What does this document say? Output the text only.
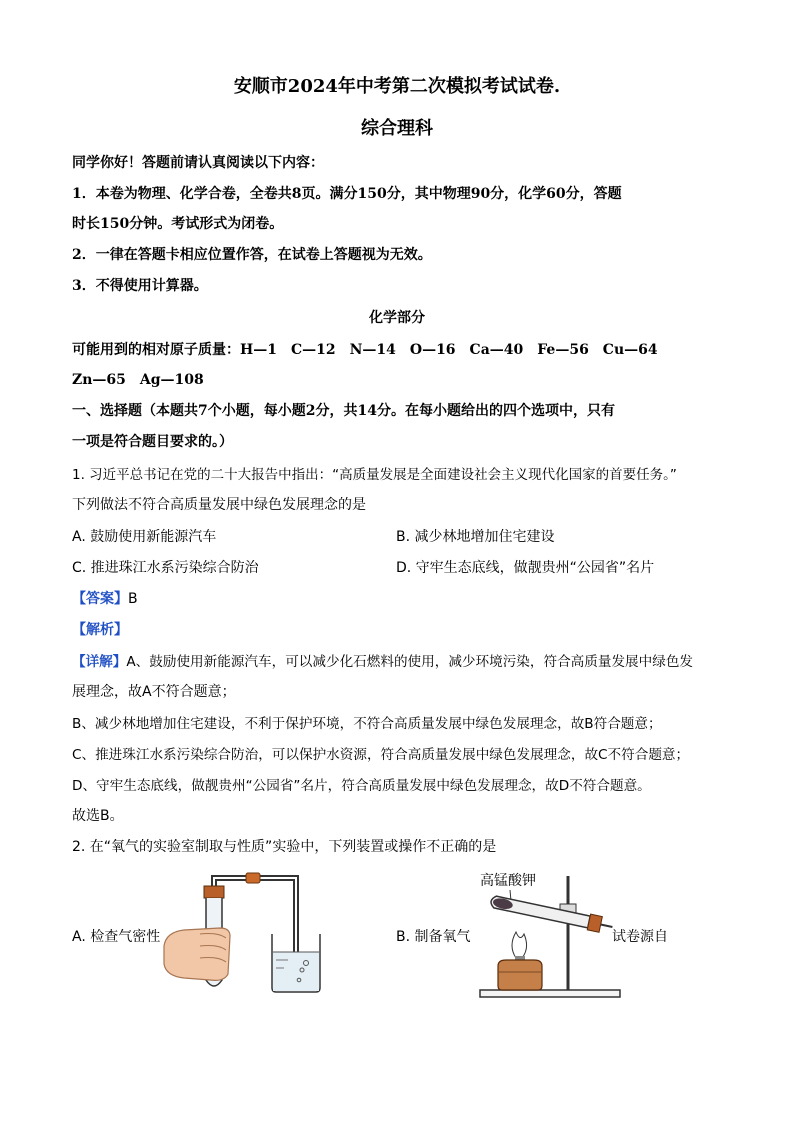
安顺市2024年中考第二次模拟考试试卷.
综合理科
同学你好！答题前请认真阅读以下内容：
1．本卷为物理、化学合卷，全卷共8页。满分150分，其中物理90分，化学60分，答题
时长150分钟。考试形式为闭卷。
2．一律在答题卡相应位置作答，在试卷上答题视为无效。
3．不得使用计算器。
化学部分
可能用到的相对原子质量：H—1　C—12　N—14　O—16　Ca—40　Fe—56　Cu—64
Zn—65　Ag—108
一、选择题（本题共7个小题，每小题2分，共14分。在每小题给出的四个选项中，只有
一项是符合题目要求的。）
1. 习近平总书记在党的二十大报告中指出：“高质量发展是全面建设社会主义现代化国家的首要任务。”
下列做法不符合高质量发展中绿色发展理念的是
A. 鼓励使用新能源汽车	B. 减少林地增加住宅建设
C. 推进珠江水系污染综合防治	D. 守牢生态底线，做靓贵州“公园省”名片
【答案】B
【解析】
【详解】A、鼓励使用新能源汽车，可以减少化石燃料的使用，减少环境污染，符合高质量发展中绿色发
展理念，故A不符合题意；
B、减少林地增加住宅建设，不利于保护环境，不符合高质量发展中绿色发展理念，故B符合题意；
C、推进珠江水系污染综合防治，可以保护水资源，符合高质量发展中绿色发展理念，故C不符合题意；
D、守牢生态底线，做靓贵州“公园省”名片，符合高质量发展中绿色发展理念，故D不符合题意。
故选B。
2. 在“氧气的实验室制取与性质”实验中，下列装置或操作不正确的是
A. 检查气密性	B. 制备氧气
高锰酸钾
试卷源自
